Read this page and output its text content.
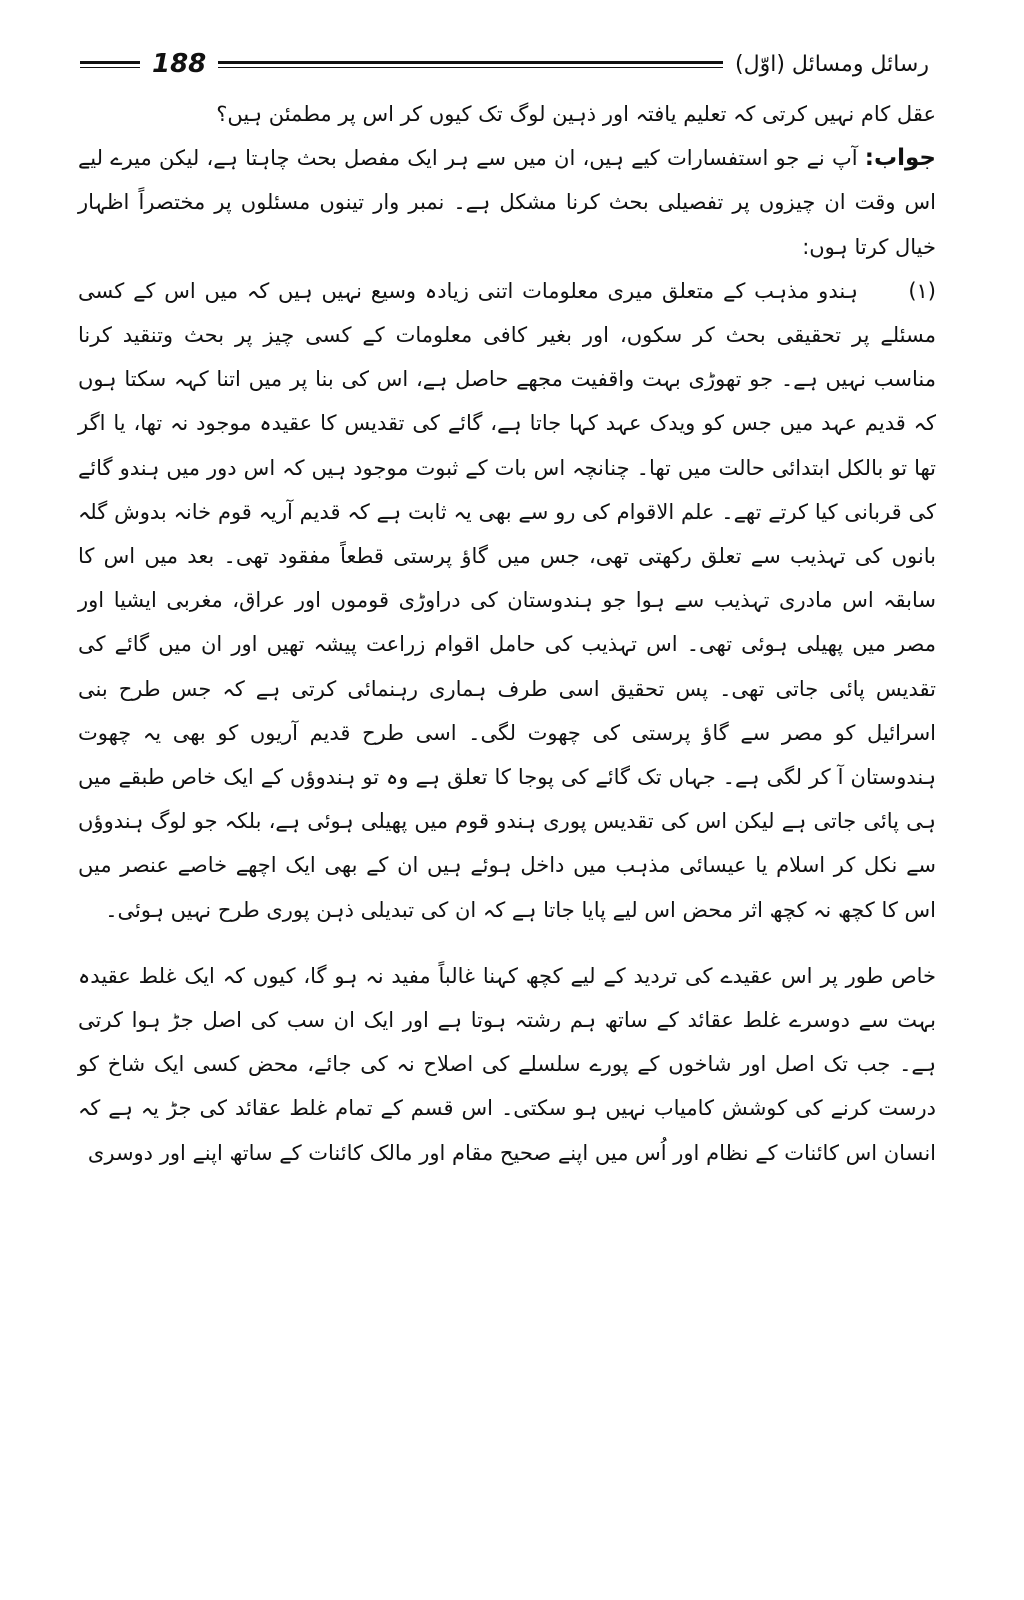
188	رسائل ومسائل (اوّل)

عقل کام نہیں کرتی کہ تعلیم یافتہ اور ذہین لوگ تک کیوں کر اس پر مطمئن ہیں؟

جواب: آپ نے جو استفسارات کیے ہیں، ان میں سے ہر ایک مفصل بحث چاہتا ہے، لیکن میرے لیے اس وقت ان چیزوں پر تفصیلی بحث کرنا مشکل ہے۔ نمبر وار تینوں مسئلوں پر مختصراً اظہار خیال کرتا ہوں:

(۱)ہندو مذہب کے متعلق میری معلومات اتنی زیادہ وسیع نہیں ہیں کہ میں اس کے کسی مسئلے پر تحقیقی بحث کر سکوں، اور بغیر کافی معلومات کے کسی چیز پر بحث وتنقید کرنا مناسب نہیں ہے۔ جو تھوڑی بہت واقفیت مجھے حاصل ہے، اس کی بنا پر میں اتنا کہہ سکتا ہوں کہ قدیم عہد میں جس کو ویدک عہد کہا جاتا ہے، گائے کی تقدیس کا عقیدہ موجود نہ تھا، یا اگر تھا تو بالکل ابتدائی حالت میں تھا۔ چنانچہ اس بات کے ثبوت موجود ہیں کہ اس دور میں ہندو گائے کی قربانی کیا کرتے تھے۔ علم الاقوام کی رو سے بھی یہ ثابت ہے کہ قدیم آریہ قوم خانہ بدوش گلہ بانوں کی تہذیب سے تعلق رکھتی تھی، جس میں گاؤ پرستی قطعاً مفقود تھی۔ بعد میں اس کا سابقہ اس مادری تہذیب سے ہوا جو ہندوستان کی دراوڑی قوموں اور عراق، مغربی ایشیا اور مصر میں پھیلی ہوئی تھی۔ اس تہذیب کی حامل اقوام زراعت پیشہ تھیں اور ان میں گائے کی تقدیس پائی جاتی تھی۔ پس تحقیق اسی طرف ہماری رہنمائی کرتی ہے کہ جس طرح بنی اسرائیل کو مصر سے گاؤ پرستی کی چھوت لگی۔ اسی طرح قدیم آریوں کو بھی یہ چھوت ہندوستان آ کر لگی ہے۔ جہاں تک گائے کی پوجا کا تعلق ہے وہ تو ہندوؤں کے ایک خاص طبقے میں ہی پائی جاتی ہے لیکن اس کی تقدیس پوری ہندو قوم میں پھیلی ہوئی ہے، بلکہ جو لوگ ہندوؤں سے نکل کر اسلام یا عیسائی مذہب میں داخل ہوئے ہیں ان کے بھی ایک اچھے خاصے عنصر میں اس کا کچھ نہ کچھ اثر محض اس لیے پایا جاتا ہے کہ ان کی تبدیلی ذہن پوری طرح نہیں ہوئی۔

خاص طور پر اس عقیدے کی تردید کے لیے کچھ کہنا غالباً مفید نہ ہو گا، کیوں کہ ایک غلط عقیدہ بہت سے دوسرے غلط عقائد کے ساتھ ہم رشتہ ہوتا ہے اور ایک ان سب کی اصل جڑ ہوا کرتی ہے۔ جب تک اصل اور شاخوں کے پورے سلسلے کی اصلاح نہ کی جائے، محض کسی ایک شاخ کو درست کرنے کی کوشش کامیاب نہیں ہو سکتی۔ اس قسم کے تمام غلط عقائد کی جڑ یہ ہے کہ انسان اس کائنات کے نظام اور اُس میں اپنے صحیح مقام اور مالک کائنات کے ساتھ اپنے اور دوسری
